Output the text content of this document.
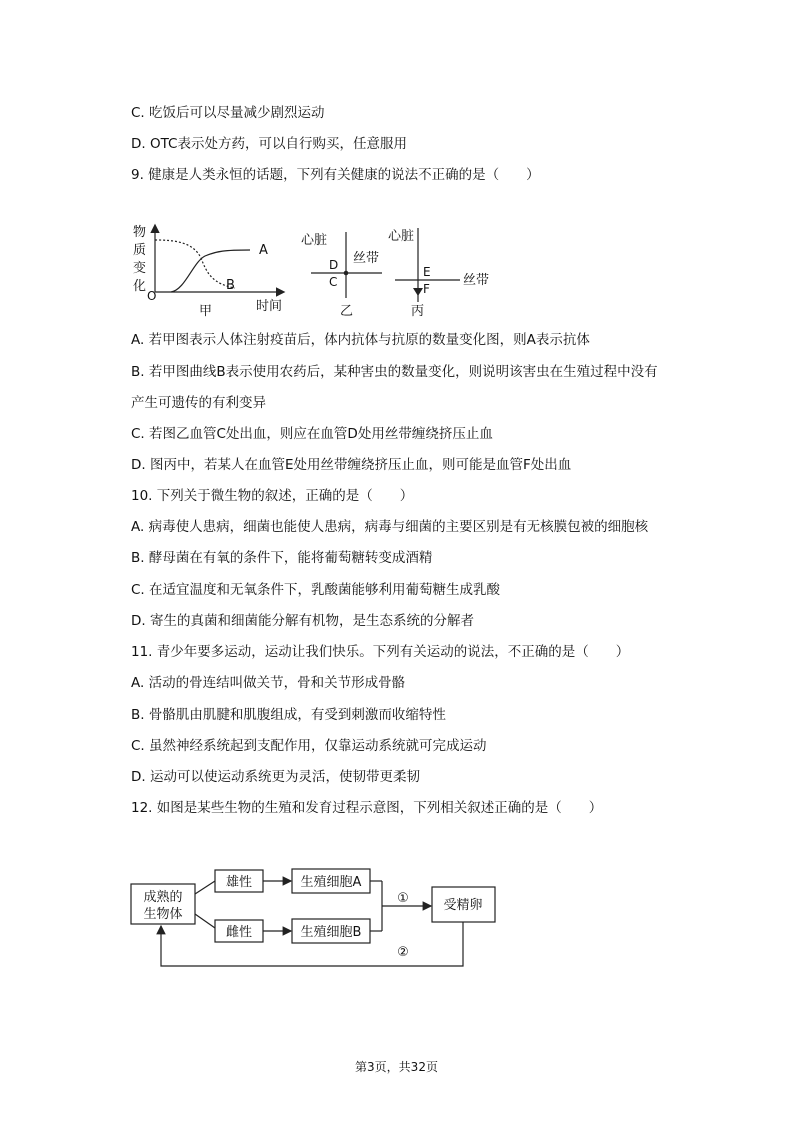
C. 吃饭后可以尽量减少剧烈运动
D. OTC表示处方药，可以自行购买，任意服用
9. 健康是人类永恒的话题，下列有关健康的说法不正确的是（　　）
物
质
变
化
O
A
B
时间
甲
心脏
丝带
D
C
乙
心脏
丝带
E
F
丙
A. 若甲图表示人体注射疫苗后，体内抗体与抗原的数量变化图，则A表示抗体
B. 若甲图曲线B表示使用农药后，某种害虫的数量变化，则说明该害虫在生殖过程中没有
产生可遗传的有利变异
C. 若图乙血管C处出血，则应在血管D处用丝带缠绕挤压止血
D. 图丙中，若某人在血管E处用丝带缠绕挤压止血，则可能是血管F处出血
10. 下列关于微生物的叙述，正确的是（　　）
A. 病毒使人患病，细菌也能使人患病，病毒与细菌的主要区别是有无核膜包被的细胞核
B. 酵母菌在有氧的条件下，能将葡萄糖转变成酒精
C. 在适宜温度和无氧条件下，乳酸菌能够利用葡萄糖生成乳酸
D. 寄生的真菌和细菌能分解有机物，是生态系统的分解者
11. 青少年要多运动，运动让我们快乐。下列有关运动的说法，不正确的是（　　）
A. 活动的骨连结叫做关节，骨和关节形成骨骼
B. 骨骼肌由肌腱和肌腹组成，有受到刺激而收缩特性
C. 虽然神经系统起到支配作用，仅靠运动系统就可完成运动
D. 运动可以使运动系统更为灵活，使韧带更柔韧
12. 如图是某些生物的生殖和发育过程示意图，下列相关叙述正确的是（　　）
成熟的
生物体
雄性
雌性
生殖细胞A
生殖细胞B
①	受精卵
②
第3页，共32页
